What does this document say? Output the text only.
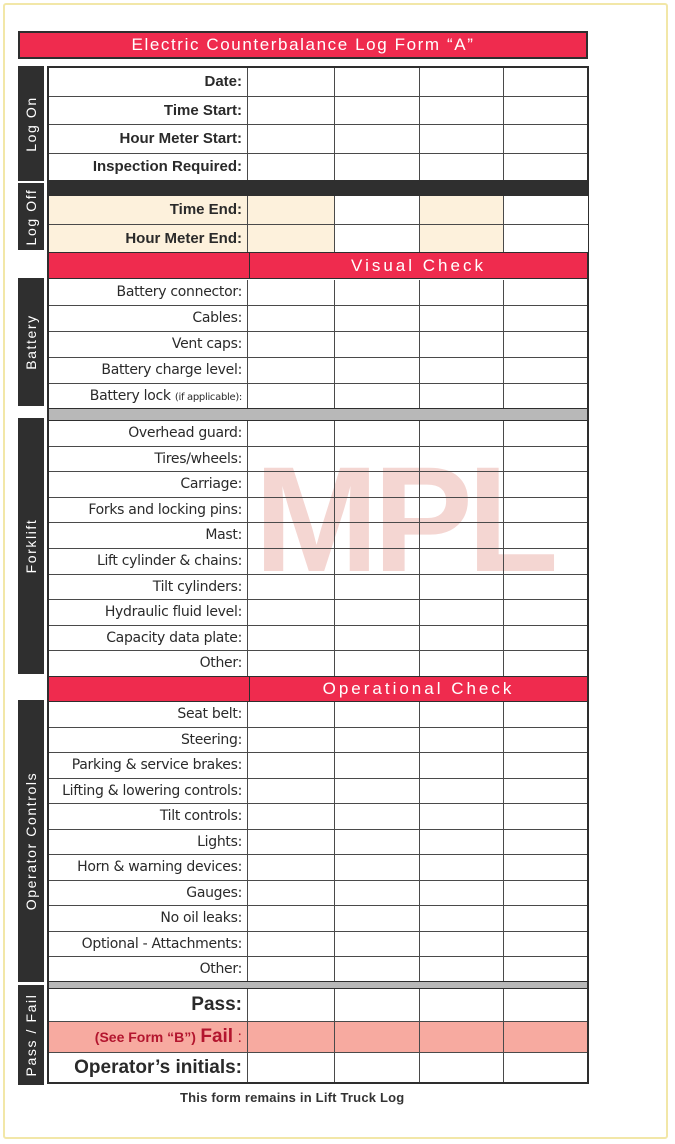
Electric Counterbalance Log Form “A”
Log On
Log Off
Battery
Forklift
Operator Controls
Pass / Fail
MPL
Date:
Time Start:
Hour Meter Start:
Inspection Required:
Time End:
Hour Meter End:
Visual Check
Battery connector:
Cables:
Vent caps:
Battery charge level:
Battery lock (if applicable):
Overhead guard:
Tires/wheels:
Carriage:
Forks and locking pins:
Mast:
Lift cylinder & chains:
Tilt cylinders:
Hydraulic fluid level:
Capacity data plate:
Other:
Operational Check
Seat belt:
Steering:
Parking & service brakes:
Lifting & lowering controls:
Tilt controls:
Lights:
Horn & warning devices:
Gauges:
No oil leaks:
Optional - Attachments:
Other:
Pass:
(See Form “B”) Fail :
Operator’s initials:
This form remains in Lift Truck Log
